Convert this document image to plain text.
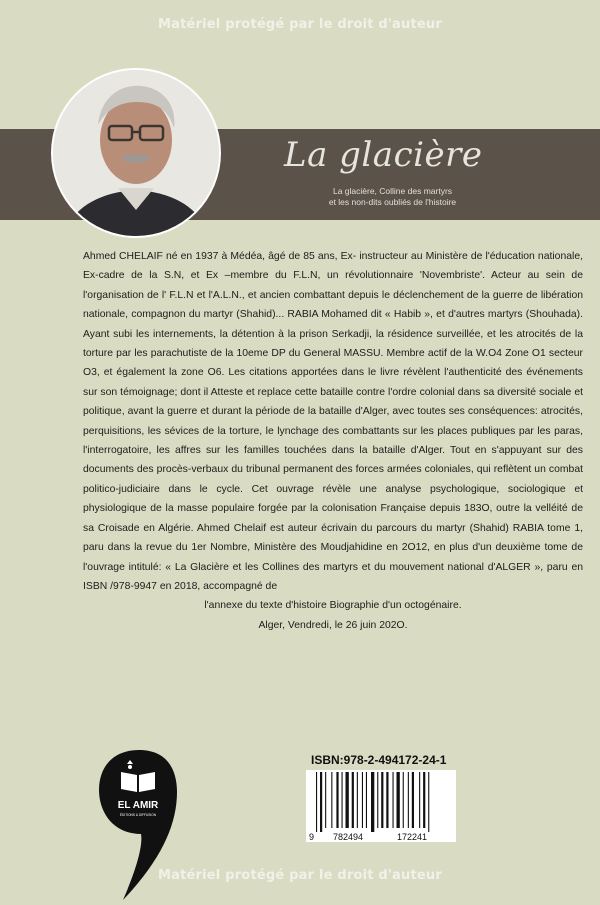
Matériel protégé par le droit d'auteur
La glacière
La glacière, Colline des martyrs
et les non-dits oubliés de l'histoire

Ahmed CHELAIF né en 1937 à Médéa, âgé de 85 ans, Ex- instructeur au Ministère de l'éducation nationale, Ex-cadre de la S.N, et Ex –membre du F.L.N, un révolutionnaire 'Novembriste'. Acteur au sein de l'organisation de l' F.L.N et l'A.L.N., et ancien combattant depuis le déclenchement de la guerre de libération nationale, compagnon du martyr (Shahid)... RABIA Mohamed dit « Habib », et d'autres martyrs (Shouhada). Ayant subi les internements, la détention à la prison Serkadji, la résidence surveillée, et les atrocités de la torture par les parachutiste de la 10eme DP du General MASSU. Membre actif de la W.O4 Zone O1 secteur O3, et également la zone O6. Les citations apportées dans le livre révèlent l'authenticité des événements sur son témoignage; dont il Atteste et replace cette bataille contre l'ordre colonial dans sa diversité sociale et politique, avant la guerre et durant la période de la bataille d'Alger, avec toutes ses conséquences: atrocités, perquisitions, les sévices de la torture, le lynchage des combattants sur les places publiques par les paras, l'interrogatoire, les affres sur les familles touchées dans la bataille d'Alger. Tout en s'appuyant sur des documents des procès-verbaux du tribunal permanent des forces armées coloniales, qui reflètent un combat politico-judiciaire dans le cycle. Cet ouvrage révèle une analyse psychologique, sociologique et physiologique de la masse populaire forgée par la colonisation Française depuis 183O, outre la velléité de sa Croisade en Algérie. Ahmed Chelaif est auteur écrivain du parcours du martyr (Shahid) RABIA tome 1, paru dans la revue du 1er Nombre, Ministère des Moudjahidine en 2O12, en plus d'un deuxième tome de l'ouvrage intitulé: « La Glacière et les Collines des martyrs et du mouvement national d'ALGER », paru en ISBN /978-9947 en 2018, accompagné de

l'annexe du texte d'histoire Biographie d'un octogénaire.

Alger, Vendredi, le 26 juin 202O.

EL AMIR
ÉDITIONS & DIFFUSION
ISBN:978-2-494172-24-1
9 782494	172241
Matériel protégé par le droit d'auteur
